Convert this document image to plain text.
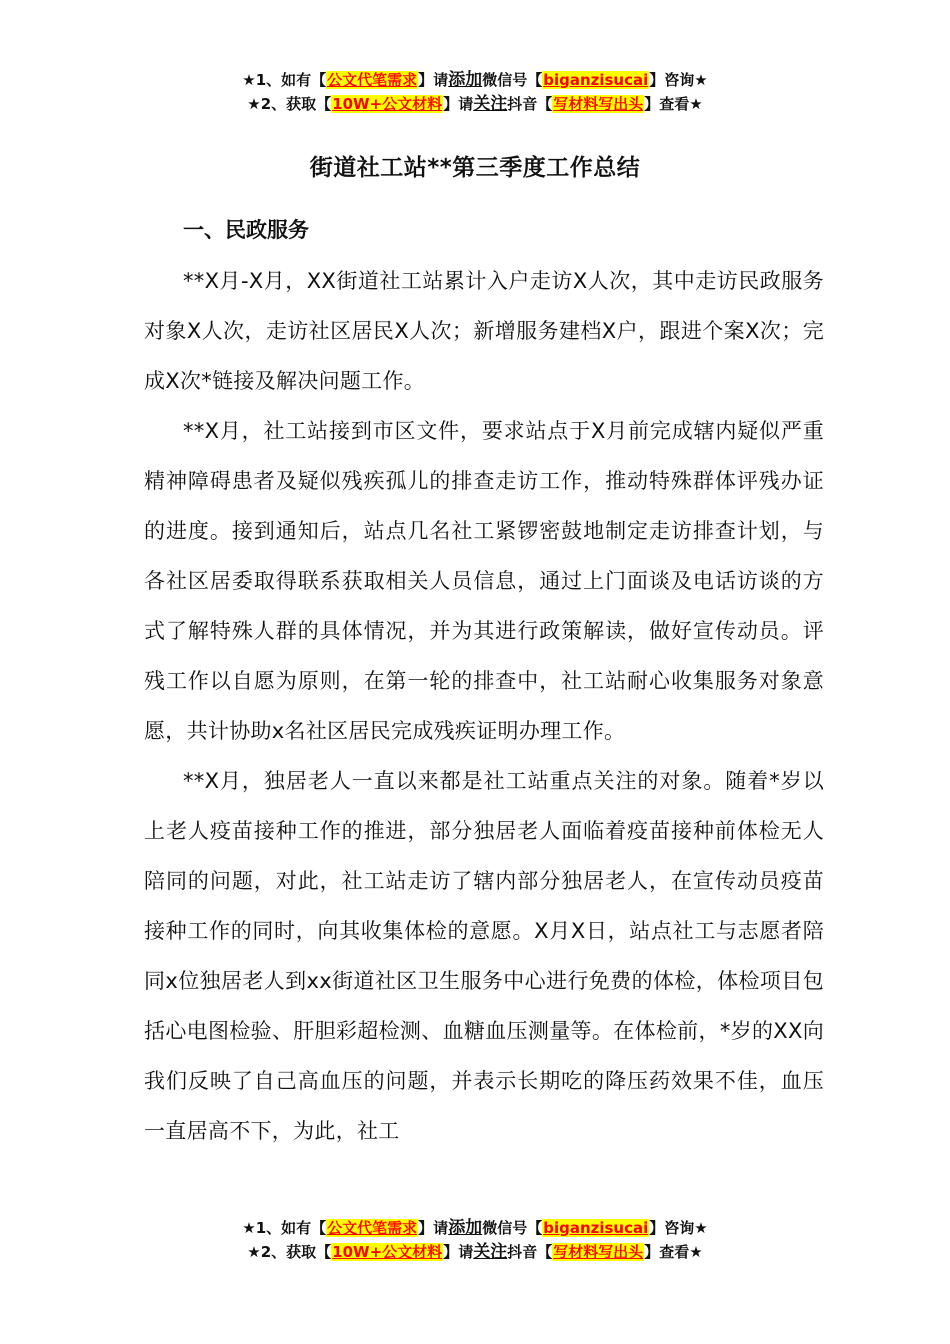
★1、如有【公文代笔需求】请添加微信号【biganzisucai】咨询★
★2、获取【10W+公文材料】请关注抖音【写材料写出头】查看★
街道社工站**第三季度工作总结
一、民政服务

**X月-X月，XX街道社工站累计入户走访X人次，其中走访民政服务对象X人次，走访社区居民X人次；新增服务建档X户，跟进个案X次；完成X次*链接及解决问题工作。

**X月，社工站接到市区文件，要求站点于X月前完成辖内疑似严重精神障碍患者及疑似残疾孤儿的排查走访工作，推动特殊群体评残办证的进度。接到通知后，站点几名社工紧锣密鼓地制定走访排查计划，与各社区居委取得联系获取相关人员信息，通过上门面谈及电话访谈的方式了解特殊人群的具体情况，并为其进行政策解读，做好宣传动员。评残工作以自愿为原则，在第一轮的排查中，社工站耐心收集服务对象意愿，共计协助x名社区居民完成残疾证明办理工作。

**X月，独居老人一直以来都是社工站重点关注的对象。随着*岁以上老人疫苗接种工作的推进，部分独居老人面临着疫苗接种前体检无人陪同的问题，对此，社工站走访了辖内部分独居老人，在宣传动员疫苗接种工作的同时，向其收集体检的意愿。X月X日，站点社工与志愿者陪同x位独居老人到xx街道社区卫生服务中心进行免费的体检，体检项目包括心电图检验、肝胆彩超检测、血糖血压测量等。在体检前，*岁的XX向我们反映了自己高血压的问题，并表示长期吃的降压药效果不佳，血压一直居高不下，为此，社工

★1、如有【公文代笔需求】请添加微信号【biganzisucai】咨询★
★2、获取【10W+公文材料】请关注抖音【写材料写出头】查看★
